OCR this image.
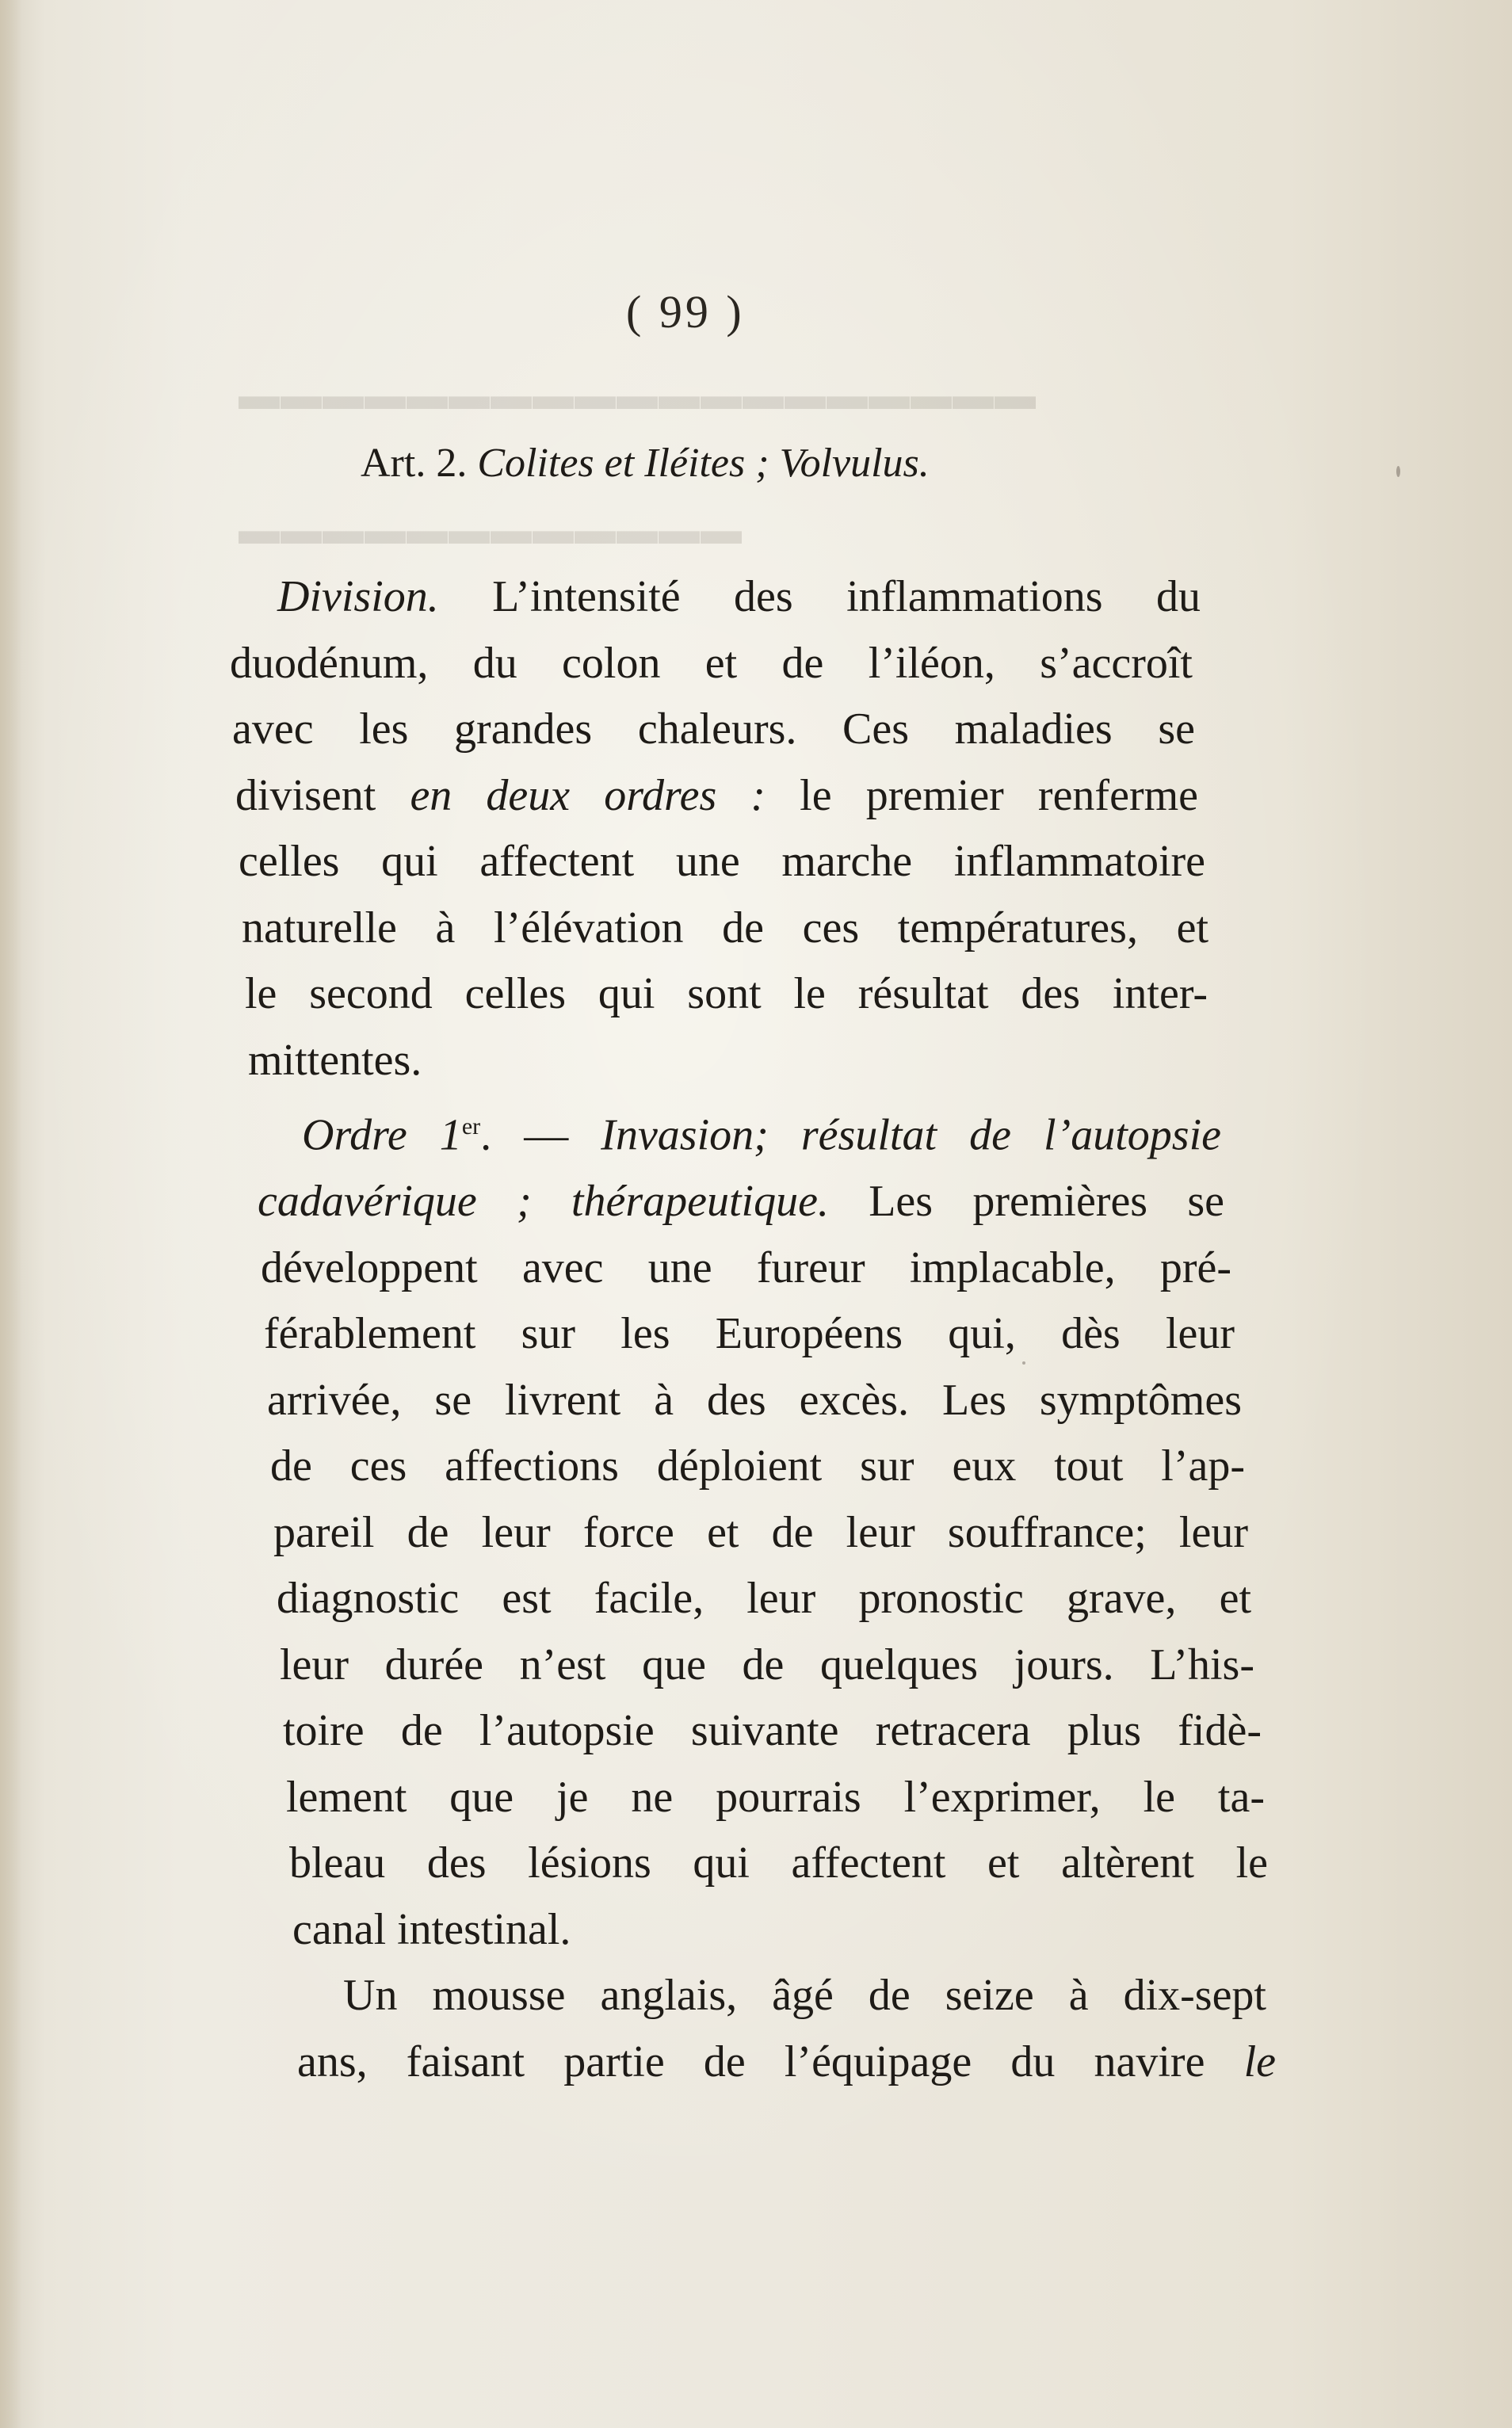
▬▬▬▬▬▬▬▬▬▬▬▬▬▬▬▬▬▬▬
▬▬▬▬▬▬▬▬▬▬▬▬
( 99 )
Art. 2. Colites et Iléites ; Volvulus.
Division. L’intensité des inflammations du
duodénum, du colon et de l’iléon, s’accroît
avec les grandes chaleurs. Ces maladies se
divisent en deux ordres : le premier renferme
celles qui affectent une marche inflammatoire
naturelle à l’élévation de ces températures, et
le second celles qui sont le résultat des inter-
mittentes.
Ordre 1er. — Invasion; résultat de l’autopsie
cadavérique ; thérapeutique. Les premières se
développent avec une fureur implacable, pré-
férablement sur les Européens qui, dès leur
arrivée, se livrent à des excès. Les symptômes
de ces affections déploient sur eux tout l’ap-
pareil de leur force et de leur souffrance; leur
diagnostic est facile, leur pronostic grave, et
leur durée n’est que de quelques jours. L’his-
toire de l’autopsie suivante retracera plus fidè-
lement que je ne pourrais l’exprimer, le ta-
bleau des lésions qui affectent et altèrent le
canal intestinal.
Un mousse anglais, âgé de seize à dix-sept
ans, faisant partie de l’équipage du navire le
